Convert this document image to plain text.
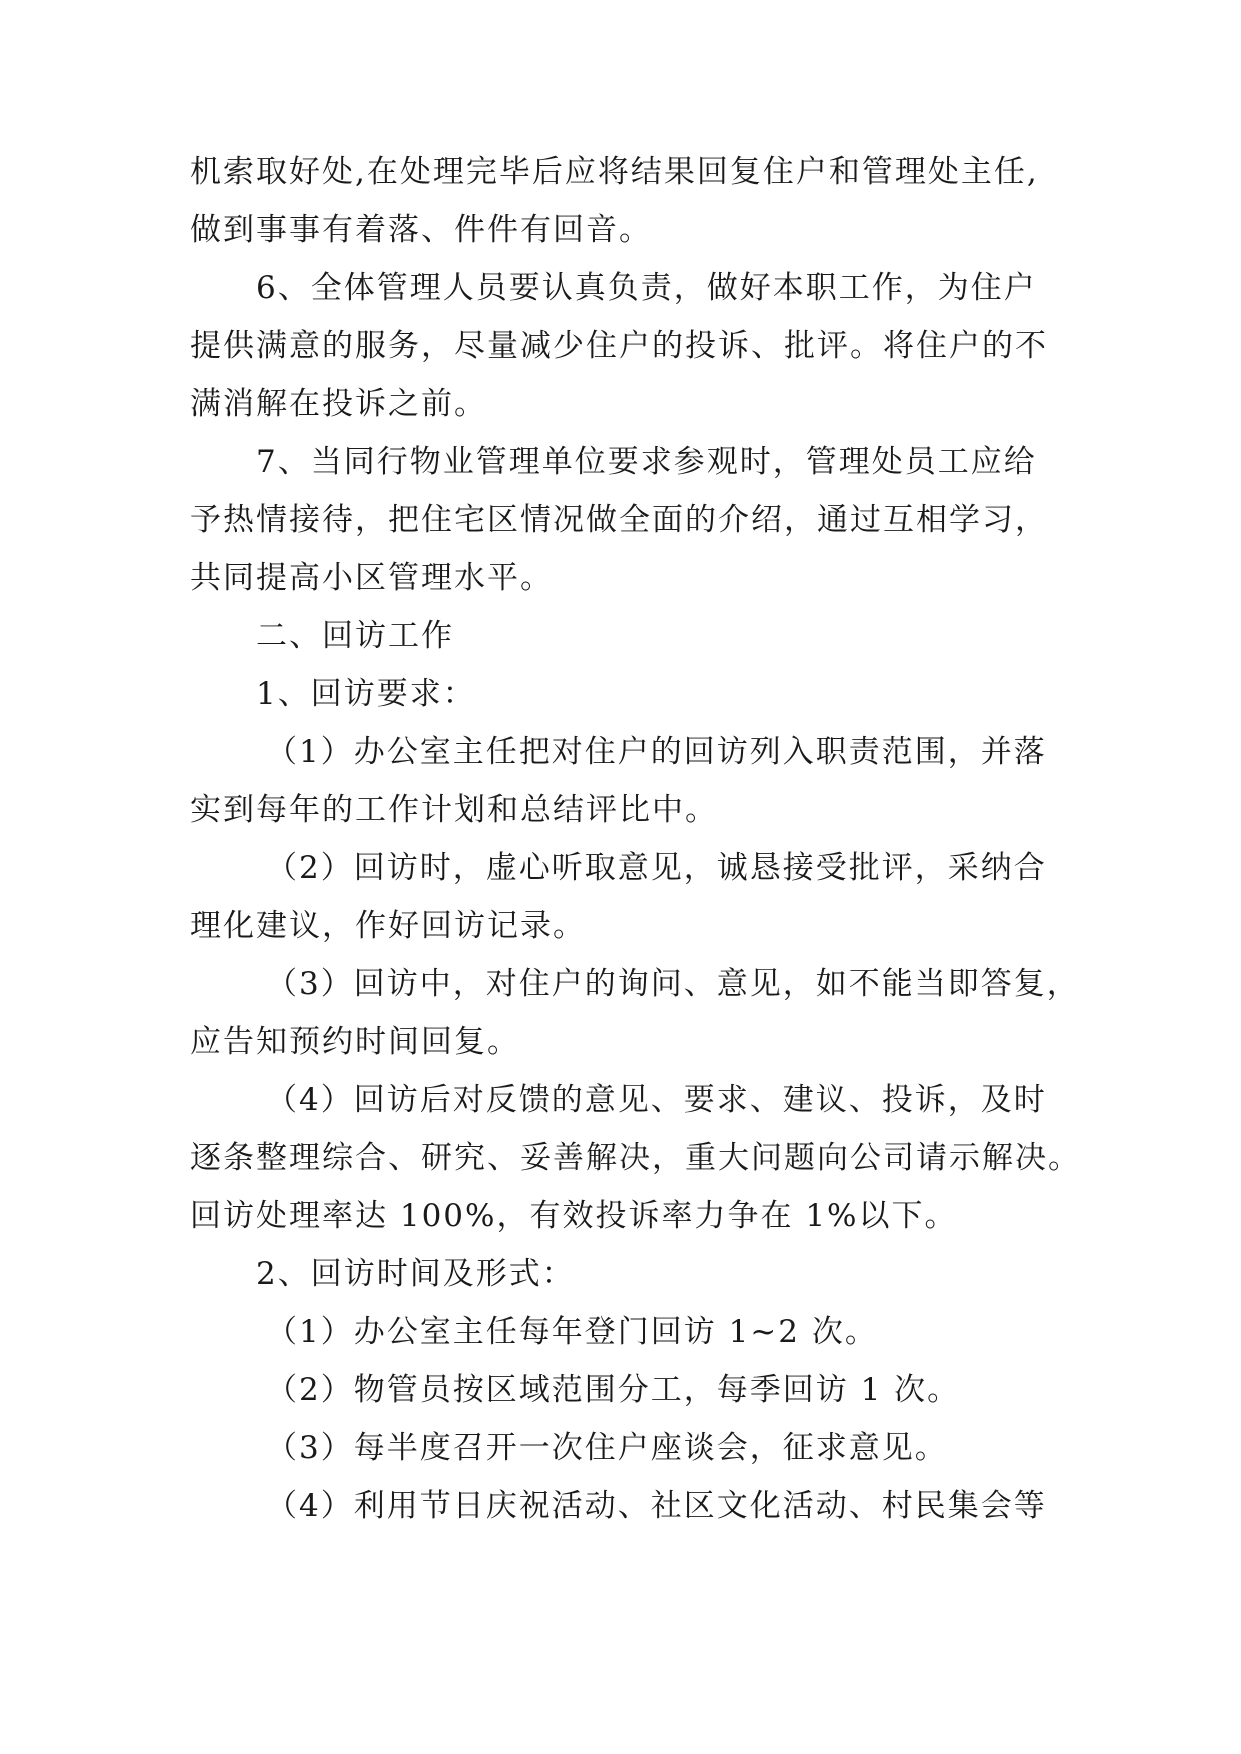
机索取好处,在处理完毕后应将结果回复住户和管理处主任,
做到事事有着落、件件有回音。
6、全体管理人员要认真负责，做好本职工作，为住户
提供满意的服务，尽量减少住户的投诉、批评。将住户的不
满消解在投诉之前。
7、当同行物业管理单位要求参观时，管理处员工应给
予热情接待，把住宅区情况做全面的介绍，通过互相学习，
共同提高小区管理水平。
二、回访工作
1、回访要求：
（1）办公室主任把对住户的回访列入职责范围，并落
实到每年的工作计划和总结评比中。
（2）回访时，虚心听取意见，诚恳接受批评，采纳合
理化建议，作好回访记录。
（3）回访中，对住户的询问、意见，如不能当即答复，
应告知预约时间回复。
（4）回访后对反馈的意见、要求、建议、投诉，及时
逐条整理综合、研究、妥善解决，重大问题向公司请示解决。
回访处理率达 100%，有效投诉率力争在 1%以下。
2、回访时间及形式：
（1）办公室主任每年登门回访 1~2 次。
（2）物管员按区域范围分工，每季回访 1 次。
（3）每半度召开一次住户座谈会，征求意见。
（4）利用节日庆祝活动、社区文化活动、村民集会等
